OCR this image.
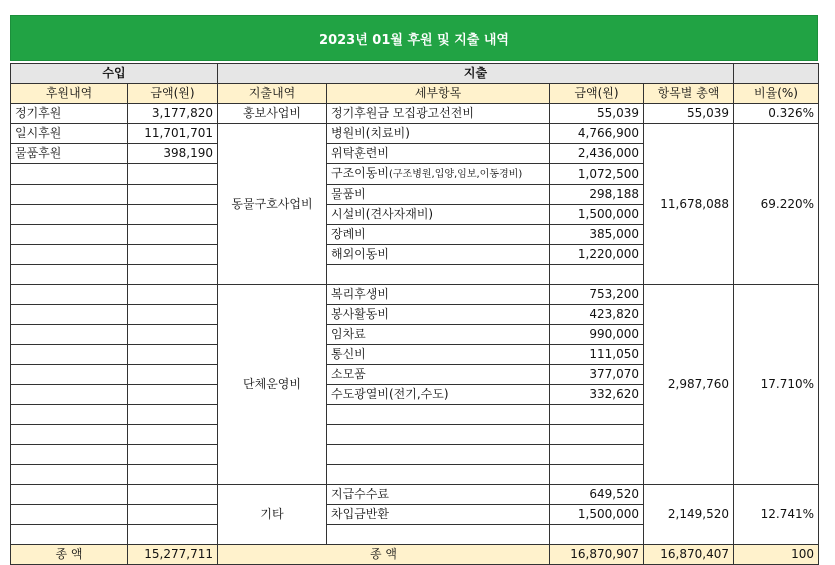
2023년 01월 후원 및 지출 내역
수입		지출				
후원내역	금액(원)	지출내역	세부항목	금액(원)	항목별 총액	비율(%)
정기후원	3,177,820	홍보사업비	정기후원금 모집광고선전비	55,039	55,039	0.326%
일시후원	11,701,701	동물구호사업비	병원비(치료비)	4,766,900	11,678,088	69.220%
물품후원	398,190		위탁훈련비	2,436,000		
			구조이동비(구조병원,입양,임보,이동경비)	1,072,500		
			물품비	298,188		
			시설비(견사자재비)	1,500,000		
			장례비	385,000		
			해외이동비	1,220,000		

		단체운영비	복리후생비	753,200	2,987,760	17.710%
			봉사활동비	423,820		
			임차료	990,000		
			통신비	111,050		
			소모품	377,070		
			수도광열비(전기,수도)	332,620		

		기타	지급수수료	649,520	2,149,520	12.741%
			차입금반환	1,500,000		

종 액	15,277,711	종 액		16,870,907	16,870,407	100
